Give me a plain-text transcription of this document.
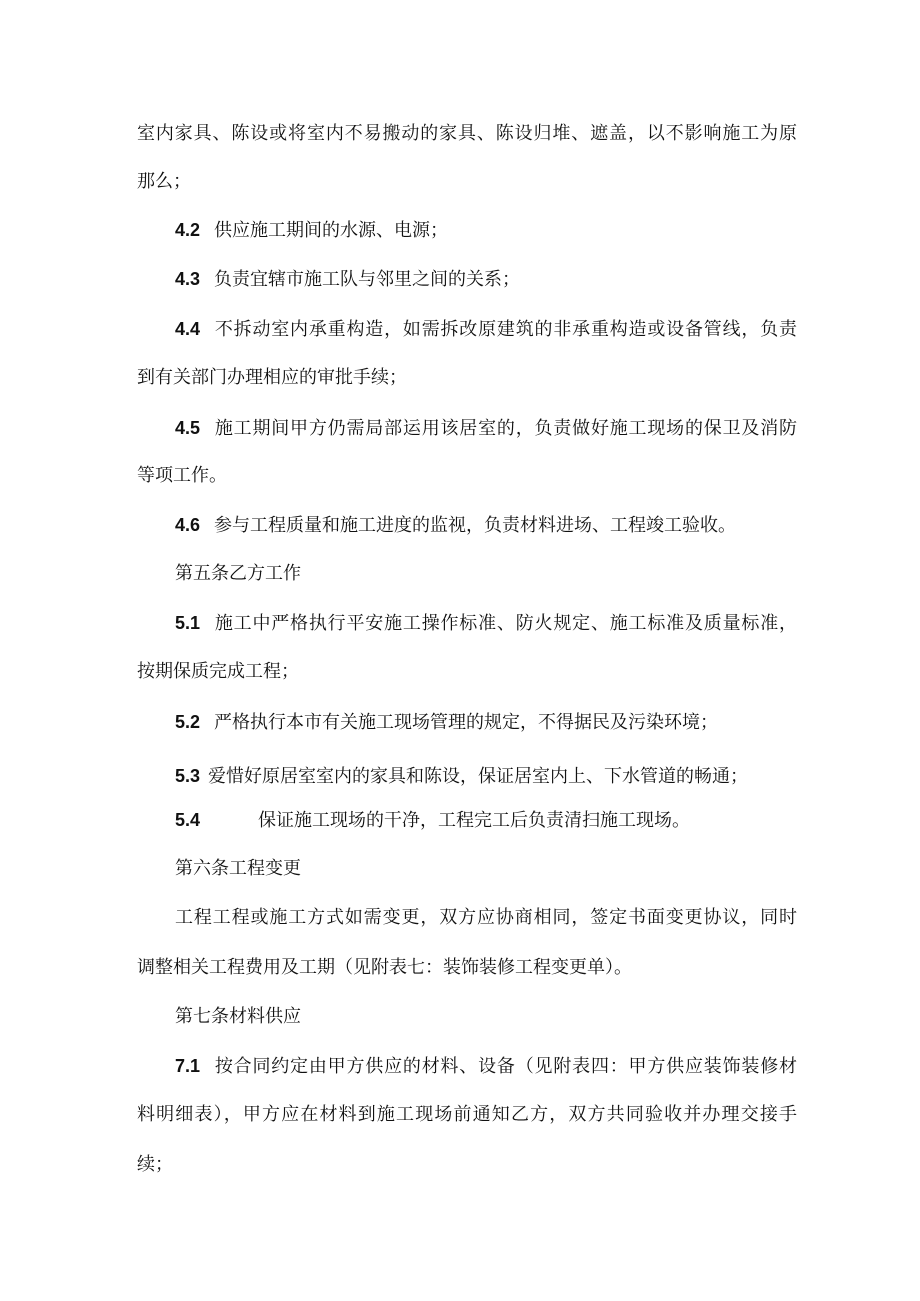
室内家具、陈设或将室内不易搬动的家具、陈设归堆、遮盖，以不影响施工为原
那么；
4.2 供应施工期间的水源、电源；
4.3 负责宜辖市施工队与邻里之间的关系；
4.4 不拆动室内承重构造，如需拆改原建筑的非承重构造或设备管线，负责
到有关部门办理相应的审批手续；
4.5 施工期间甲方仍需局部运用该居室的，负责做好施工现场的保卫及消防
等项工作。
4.6 参与工程质量和施工进度的监视，负责材料进场、工程竣工验收。
第五条乙方工作
5.1 施工中严格执行平安施工操作标准、防火规定、施工标准及质量标准，
按期保质完成工程；
5.2 严格执行本市有关施工现场管理的规定，不得据民及污染环境；
5.3 爱惜好原居室室内的家具和陈设，保证居室内上、下水管道的畅通；
5.4	保证施工现场的干净，工程完工后负责清扫施工现场。
第六条工程变更
工程工程或施工方式如需变更，双方应协商相同，签定书面变更协议，同时
调整相关工程费用及工期（见附表七：装饰装修工程变更单）。
第七条材料供应
7.1 按合同约定由甲方供应的材料、设备（见附表四：甲方供应装饰装修材
料明细表），甲方应在材料到施工现场前通知乙方，双方共同验收并办理交接手
续；
